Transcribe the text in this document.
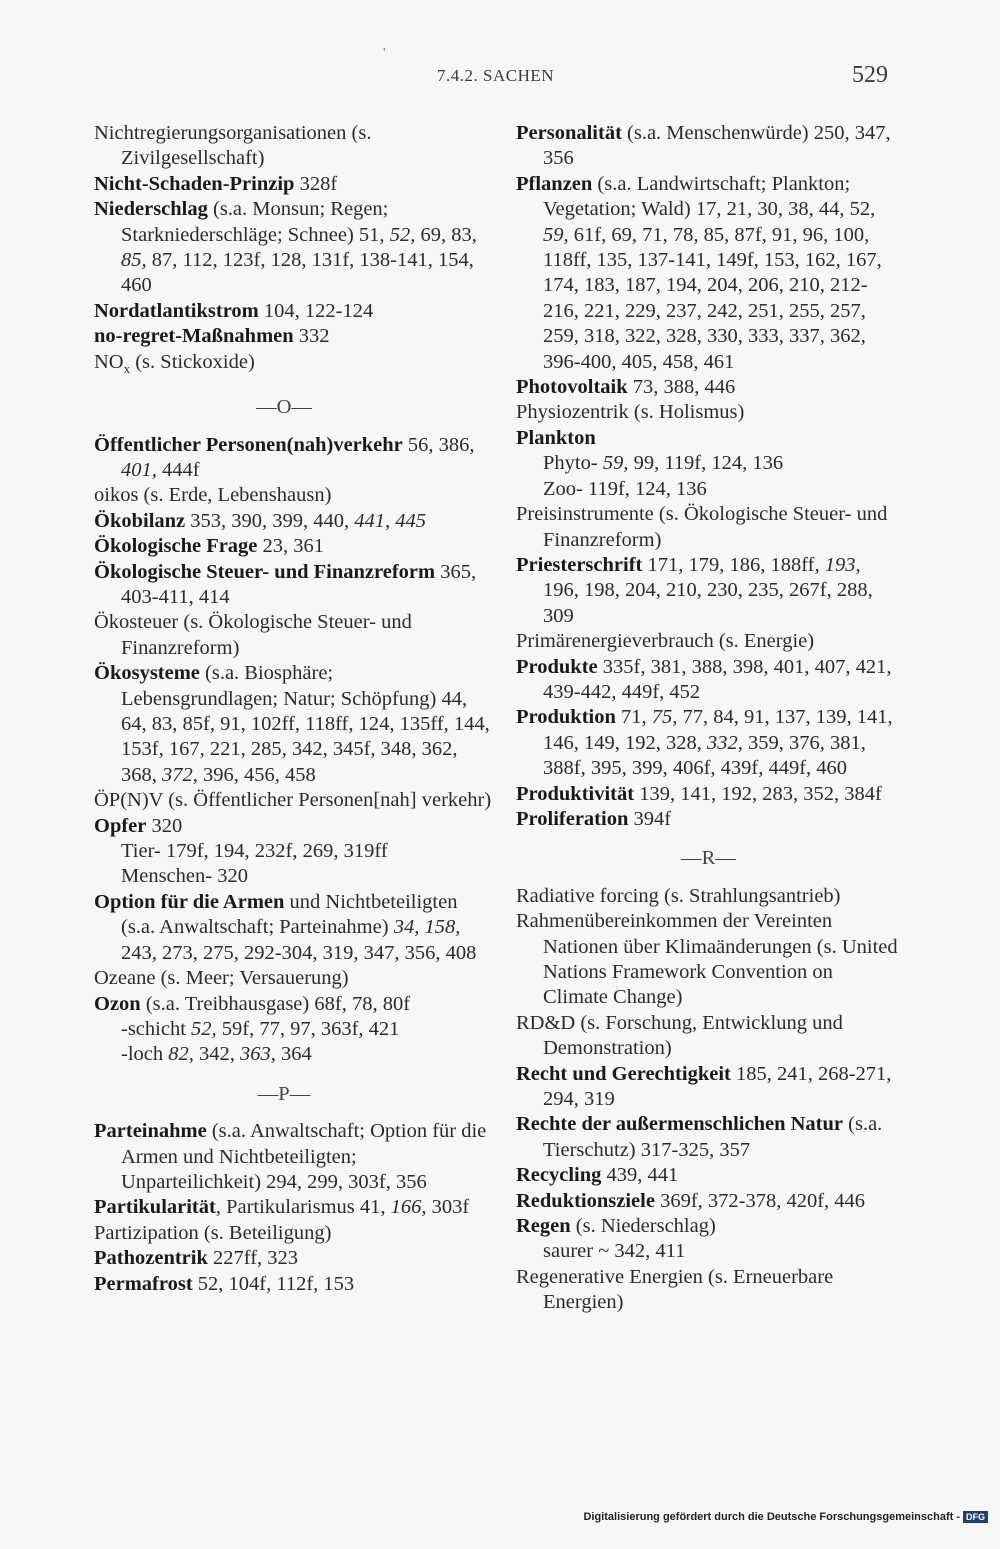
'
7.4.2. SACHEN	529

Nichtregierungsorganisationen (s.
Zivilgesellschaft)

Nicht-Schaden-Prinzip 328f

Niederschlag (s.a. Monsun; Regen; Starkniederschläge; Schnee) 51, 52, 69, 83, 85, 87, 112, 123f, 128, 131f, 138-141, 154, 460

Nordatlantikstrom 104, 122-124

no-regret-Maßnahmen 332

$NO_x$ (s. Stickoxide)

—O—

Öffentlicher Personen(nah)verkehr 56, 386, 401, 444f

oikos (s. Erde, Lebenshausn)

Ökobilanz 353, 390, 399, 440, 441, 445

Ökologische Frage 23, 361

Ökologische Steuer- und Finanzreform 365, 403-411, 414

Ökosteuer (s. Ökologische Steuer- und Finanzreform)

Ökosysteme (s.a. Biosphäre; Lebensgrundlagen; Natur; Schöpfung) 44, 64, 83, 85f, 91, 102ff, 118ff, 124, 135ff, 144, 153f, 167, 221, 285, 342, 345f, 348, 362, 368, 372, 396, 456, 458

ÖP(N)V (s. Öffentlicher Personen[nah] verkehr)

Opfer 320

Tier- 179f, 194, 232f, 269, 319ff

Menschen- 320

Option für die Armen und Nichtbeteiligten (s.a. Anwaltschaft; Parteinahme) 34, 158, 243, 273, 275, 292-304, 319, 347, 356, 408

Ozeane (s. Meer; Versauerung)

Ozon (s.a. Treibhausgase) 68f, 78, 80f

-schicht 52, 59f, 77, 97, 363f, 421

-loch 82, 342, 363, 364

—P—

Parteinahme (s.a. Anwaltschaft; Option für die Armen und Nichtbeteiligten; Unparteilichkeit) 294, 299, 303f, 356

Partikularität, Partikularismus 41, 166, 303f

Partizipation (s. Beteiligung)

Pathozentrik 227ff, 323

Permafrost 52, 104f, 112f, 153

Personalität (s.a. Menschenwürde) 250, 347, 356

Pflanzen (s.a. Landwirtschaft; Plankton; Vegetation; Wald) 17, 21, 30, 38, 44, 52, 59, 61f, 69, 71, 78, 85, 87f, 91, 96, 100, 118ff, 135, 137-141, 149f, 153, 162, 167, 174, 183, 187, 194, 204, 206, 210, 212-216, 221, 229, 237, 242, 251, 255, 257, 259, 318, 322, 328, 330, 333, 337, 362, 396-400, 405, 458, 461

Photovoltaik 73, 388, 446

Physiozentrik (s. Holismus)

Plankton

Phyto- 59, 99, 119f, 124, 136

Zoo- 119f, 124, 136

Preisinstrumente (s. Ökologische Steuer- und Finanzreform)

Priesterschrift 171, 179, 186, 188ff, 193, 196, 198, 204, 210, 230, 235, 267f, 288, 309

Primärenergieverbrauch (s. Energie)

Produkte 335f, 381, 388, 398, 401, 407, 421, 439-442, 449f, 452

Produktion 71, 75, 77, 84, 91, 137, 139, 141, 146, 149, 192, 328, 332, 359, 376, 381, 388f, 395, 399, 406f, 439f, 449f, 460

Produktivität 139, 141, 192, 283, 352, 384f

Proliferation 394f

—R—

Radiative forcing (s. Strahlungsantrieb)

Rahmenübereinkommen der Vereinten Nationen über Klimaänderungen (s. United Nations Framework Convention on Climate Change)

RD&D (s. Forschung, Entwicklung und Demonstration)

Recht und Gerechtigkeit 185, 241, 268-271, 294, 319

Rechte der außermenschlichen Natur (s.a. Tierschutz) 317-325, 357

Recycling 439, 441

Reduktionsziele 369f, 372-378, 420f, 446

Regen (s. Niederschlag)

saurer ~ 342, 411

Regenerative Energien (s. Erneuerbare Energien)

Digitalisierung gefördert durch die Deutsche Forschungsgemeinschaft - DFG
